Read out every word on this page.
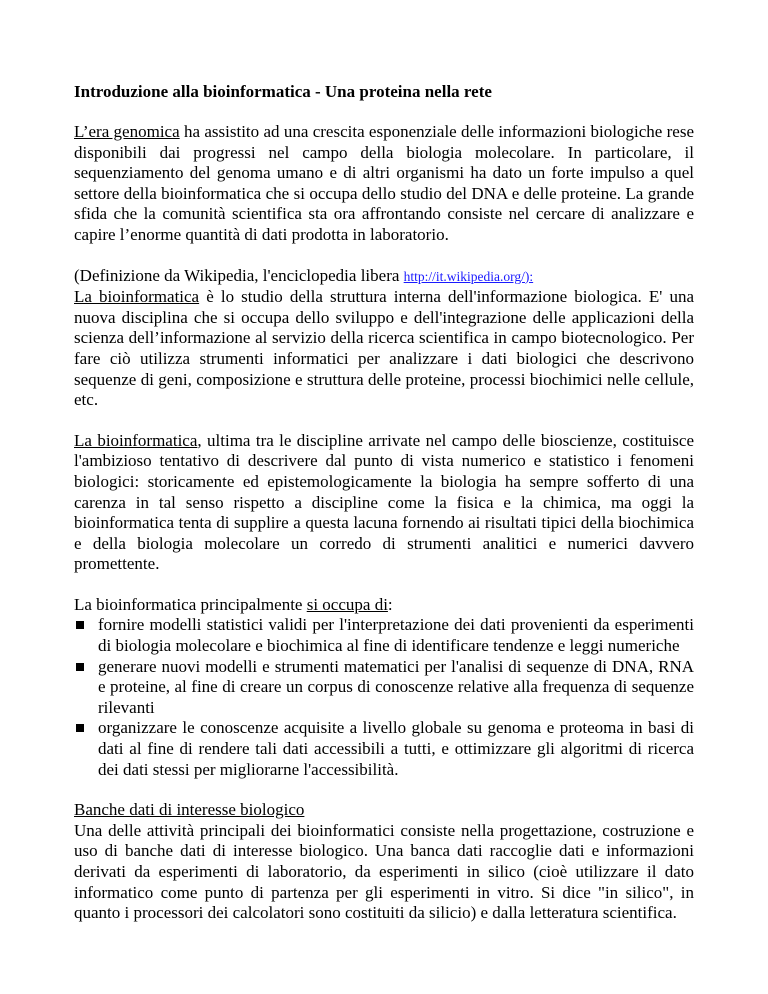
Introduzione alla bioinformatica - Una proteina nella rete

L’era genomica ha assistito ad una crescita esponenziale delle informazioni biologiche rese disponibili dai progressi nel campo della biologia molecolare. In particolare, il sequenziamento del genoma umano e di altri organismi ha dato un forte impulso a quel settore della bioinformatica che si occupa dello studio del DNA e delle proteine. La grande sfida che la comunità scientifica sta ora affrontando consiste nel cercare di analizzare e capire l’enorme quantità di dati prodotta in laboratorio.

(Definizione da Wikipedia, l'enciclopedia libera http://it.wikipedia.org/):
La bioinformatica è lo studio della struttura interna dell'informazione biologica. E' una nuova disciplina che si occupa dello sviluppo e dell'integrazione delle applicazioni della scienza dell’informazione al servizio della ricerca scientifica in campo biotecnologico. Per fare ciò utilizza strumenti informatici per analizzare i dati biologici che descrivono sequenze di geni, composizione e struttura delle proteine, processi biochimici nelle cellule, etc.

La bioinformatica, ultima tra le discipline arrivate nel campo delle bioscienze, costituisce l'ambizioso tentativo di descrivere dal punto di vista numerico e statistico i fenomeni biologici: storicamente ed epistemologicamente la biologia ha sempre sofferto di una carenza in tal senso rispetto a discipline come la fisica e la chimica, ma oggi la bioinformatica tenta di supplire a questa lacuna fornendo ai risultati tipici della biochimica e della biologia molecolare un corredo di strumenti analitici e numerici davvero promettente.

La bioinformatica principalmente si occupa di:
fornire modelli statistici validi per l'interpretazione dei dati provenienti da esperimenti di biologia molecolare e biochimica al fine di identificare tendenze e leggi numeriche
generare nuovi modelli e strumenti matematici per l'analisi di sequenze di DNA, RNA e proteine, al fine di creare un corpus di conoscenze relative alla frequenza di sequenze rilevanti
organizzare le conoscenze acquisite a livello globale su genoma e proteoma in basi di dati al fine di rendere tali dati accessibili a tutti, e ottimizzare gli algoritmi di ricerca dei dati stessi per migliorarne l'accessibilità.
Banche dati di interesse biologico

Una delle attività principali dei bioinformatici consiste nella progettazione, costruzione e uso di banche dati di interesse biologico. Una banca dati raccoglie dati e informazioni derivati da esperimenti di laboratorio, da esperimenti in silico (cioè utilizzare il dato informatico come punto di partenza per gli esperimenti in vitro. Si dice "in silico", in quanto i processori dei calcolatori sono costituiti da silicio) e dalla letteratura scientifica.
